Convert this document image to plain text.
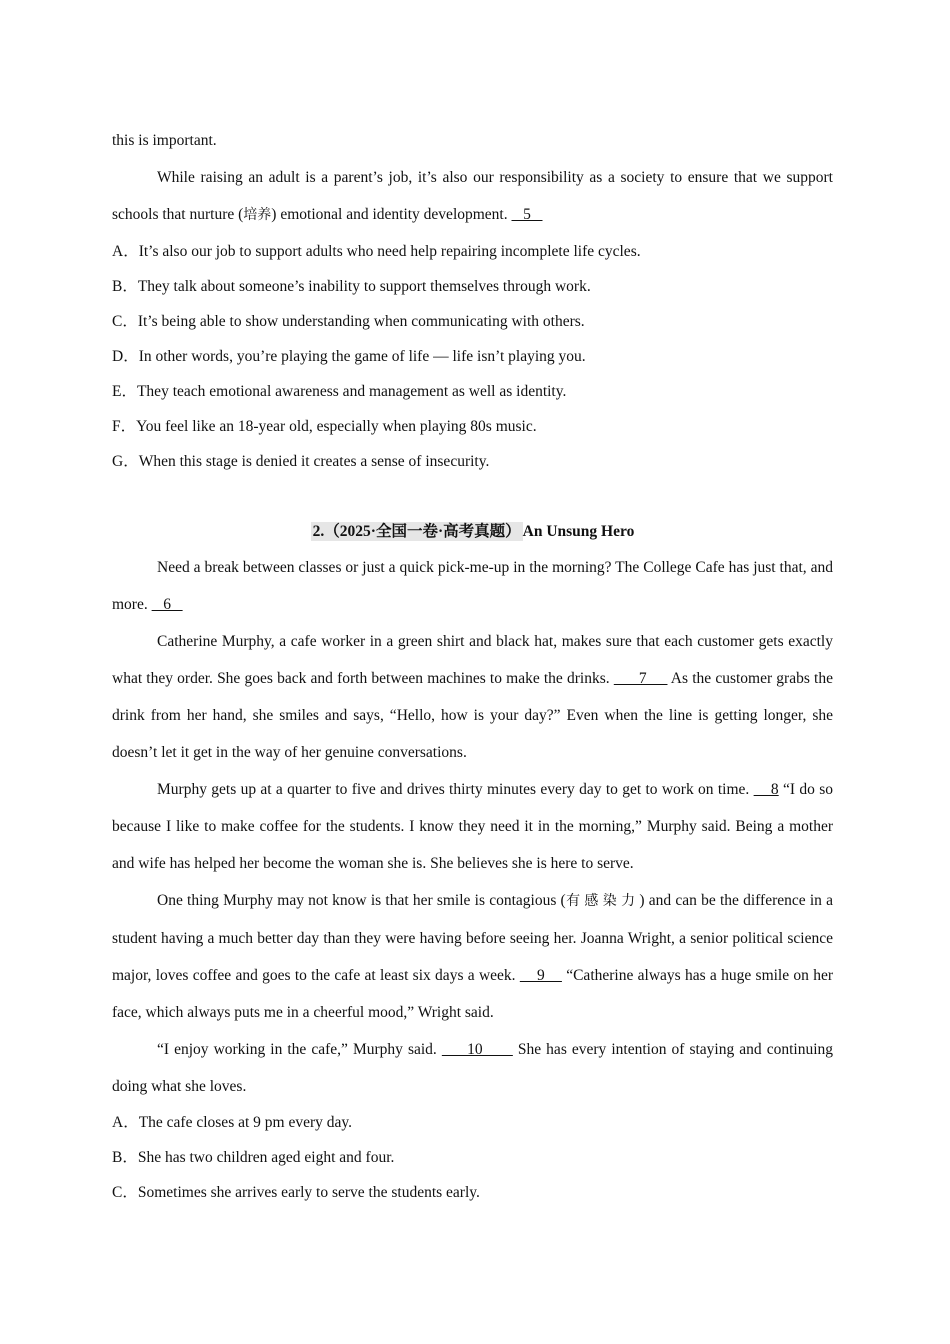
this is important.

While raising an adult is a parent’s job, it’s also our responsibility as a society to ensure that we support schools that nurture (培养) emotional and identity development.    5

A．It’s also our job to support adults who need help repairing incomplete life cycles.

B．They talk about someone’s inability to support themselves through work.

C．It’s being able to show understanding when communicating with others.

D．In other words, you’re playing the game of life — life isn’t playing you.

E．They teach emotional awareness and management as well as identity.

F．You feel like an 18-year old, especially when playing 80s music.

G．When this stage is denied it creates a sense of insecurity.

2.（2025·全国一卷·高考真题） An Unsung Hero

Need a break between classes or just a quick pick-me-up in the morning? The College Cafe has just that, and more.    6

Catherine Murphy, a cafe worker in a green shirt and black hat, makes sure that each customer gets exactly what they order. She goes back and forth between machines to make the drinks.       7      As the customer grabs the drink from her hand, she smiles and says, “Hello, how is your day?” Even when the line is getting longer, she doesn’t let it get in the way of her genuine conversations.

Murphy gets up at a quarter to five and drives thirty minutes every day to get to work on time.     8 “I do so because I like to make coffee for the students. I know they need it in the morning,” Murphy said. Being a mother and wife has helped her become the woman she is. She believes she is here to serve.

One thing Murphy may not know is that her smile is contagious (有感染力) and can be the difference in a student having a much better day than they were having before seeing her. Joanna Wright, a senior political science major, loves coffee and goes to the cafe at least six days a week.     9     “Catherine always has a huge smile on her face, which always puts me in a cheerful mood,” Wright said.

“I enjoy working in the cafe,” Murphy said.      10       She has every intention of staying and continuing doing what she loves.

A．The cafe closes at 9 pm every day.

B．She has two children aged eight and four.

C．Sometimes she arrives early to serve the students early.
